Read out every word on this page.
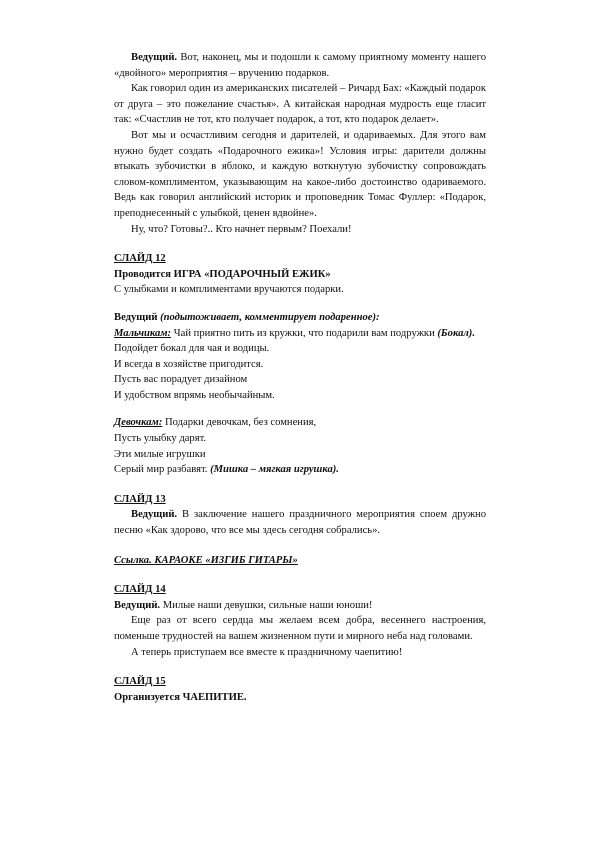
Ведущий. Вот, наконец, мы и подошли к самому приятному моменту нашего «двойного» мероприятия – вручению подарков.

Как говорил один из американских писателей – Ричард Бах: «Каждый подарок от друга – это пожелание счастья». А китайская народная мудрость еще гласит так: «Счастлив не тот, кто получает подарок, а тот, кто подарок делает».

Вот мы и осчастливим сегодня и дарителей, и одариваемых. Для этого вам нужно будет создать «Подарочного ежика»! Условия игры: дарители должны втыкать зубочистки в яблоко, и каждую воткнутую зубочистку сопровождать словом-комплиментом, указывающим на какое-либо достоинство одариваемого. Ведь как говорил английский историк и проповедник Томас Фуллер: «Подарок, преподнесенный с улыбкой, ценен вдвойне».

Ну, что? Готовы?.. Кто начнет первым? Поехали!

СЛАЙД 12

Проводится ИГРА «ПОДАРОЧНЫЙ ЕЖИК»

С улыбками и комплиментами вручаются подарки.

Ведущий (подытоживает, комментирует подаренное):

Мальчикам: Чай приятно пить из кружки, что подарили вам подружки (Бокал).

Подойдет бокал для чая и водицы.

И всегда в хозяйстве пригодится.

Пусть вас порадует дизайном

И удобством впрямь необычайным.

Девочкам: Подарки девочкам, без сомнения,

Пусть улыбку дарят.

Эти милые игрушки

Серый мир разбавят. (Мишка – мягкая игрушка).

СЛАЙД 13

Ведущий. В заключение нашего праздничного мероприятия споем дружно песню «Как здорово, что все мы здесь сегодня собрались».

Ссылка. КАРАОКЕ «ИЗГИБ ГИТАРЫ»

СЛАЙД 14

Ведущий. Милые наши девушки, сильные наши юноши!

Еще раз от всего сердца мы желаем всем добра, весеннего настроения, поменьше трудностей на вашем жизненном пути и мирного неба над головами.

А теперь приступаем все вместе к праздничному чаепитию!

СЛАЙД 15

Организуется ЧАЕПИТИЕ.
